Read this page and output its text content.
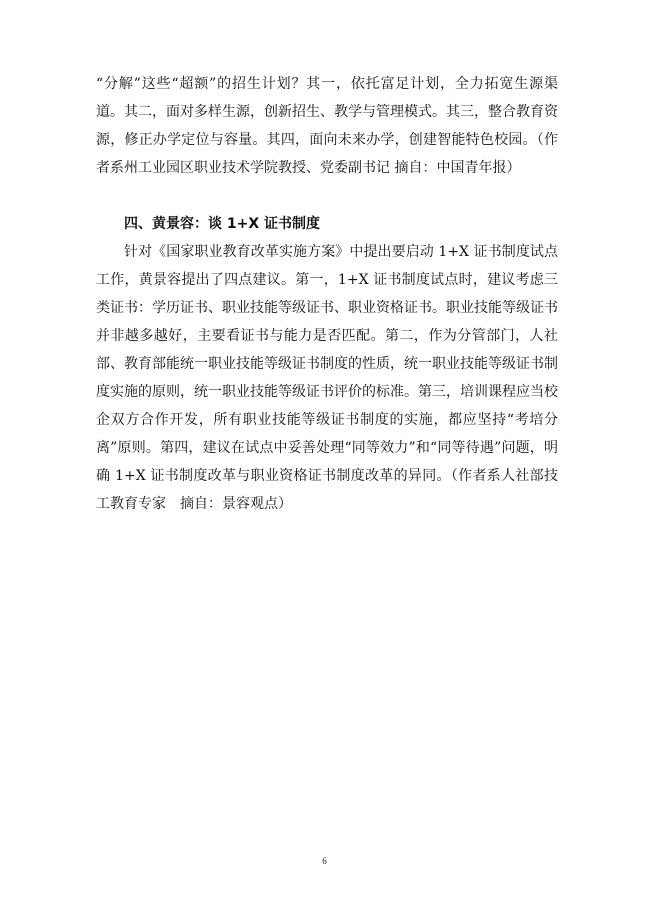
“分解”这些“超额”的招生计划？其一，依托富足计划，全力拓宽生源渠道。其二，面对多样生源，创新招生、教学与管理模式。其三，整合教育资源，修正办学定位与容量。其四，面向未来办学，创建智能特色校园。（作者系州工业园区职业技术学院教授、党委副书记 摘自：中国青年报）
四、黄景容：谈 1+X 证书制度
针对《国家职业教育改革实施方案》中提出要启动 1+X 证书制度试点工作，黄景容提出了四点建议。第一，1+X 证书制度试点时，建议考虑三类证书：学历证书、职业技能等级证书、职业资格证书。职业技能等级证书并非越多越好，主要看证书与能力是否匹配。第二，作为分管部门，人社部、教育部能统一职业技能等级证书制度的性质，统一职业技能等级证书制度实施的原则，统一职业技能等级证书评价的标准。第三，培训课程应当校企双方合作开发，所有职业技能等级证书制度的实施，都应坚持“考培分离”原则。第四，建议在试点中妥善处理“同等效力”和“同等待遇”问题，明确 1+X 证书制度改革与职业资格证书制度改革的异同。（作者系人社部技工教育专家　摘自：景容观点）
6
